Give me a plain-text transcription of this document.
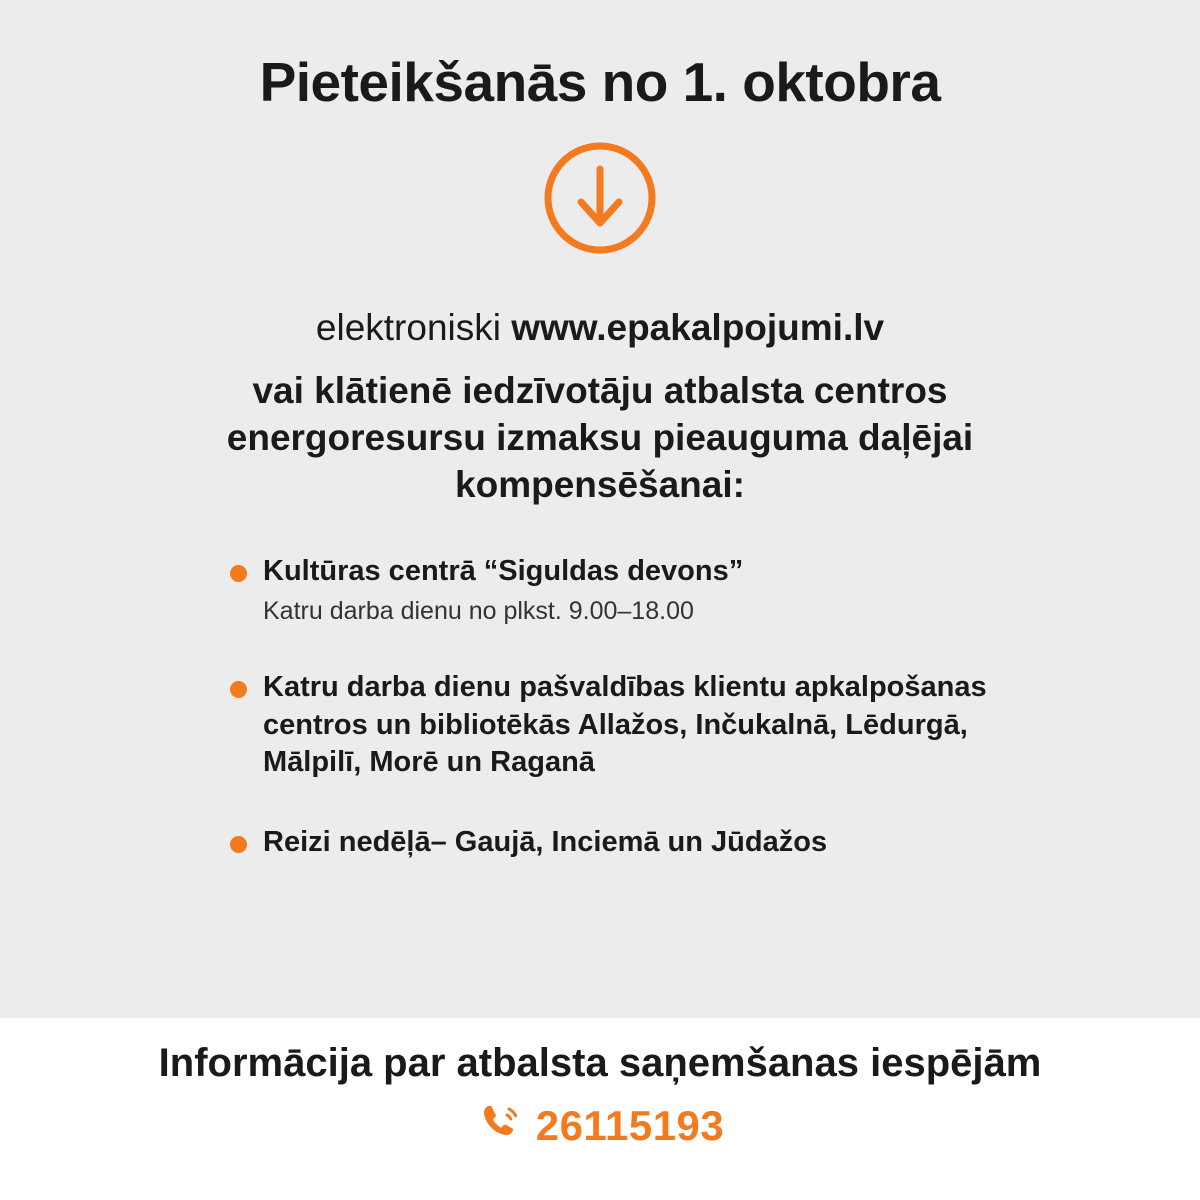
Pieteikšanās no 1. oktobra
elektroniski www.epakalpojumi.lv
vai klātienē iedzīvotāju atbalsta centros energoresursu izmaksu pieauguma daļējai kompensēšanai:
Kultūras centrā “Siguldas devons”
Katru darba dienu no plkst. 9.00–18.00
Katru darba dienu pašvaldības klientu apkalpošanas centros un bibliotēkās Allažos, Inčukalnā, Lēdurgā, Mālpilī, Morē un Raganā
Reizi nedēļā– Gaujā, Inciemā un Jūdažos
Informācija par atbalsta saņemšanas iespējām
26115193
